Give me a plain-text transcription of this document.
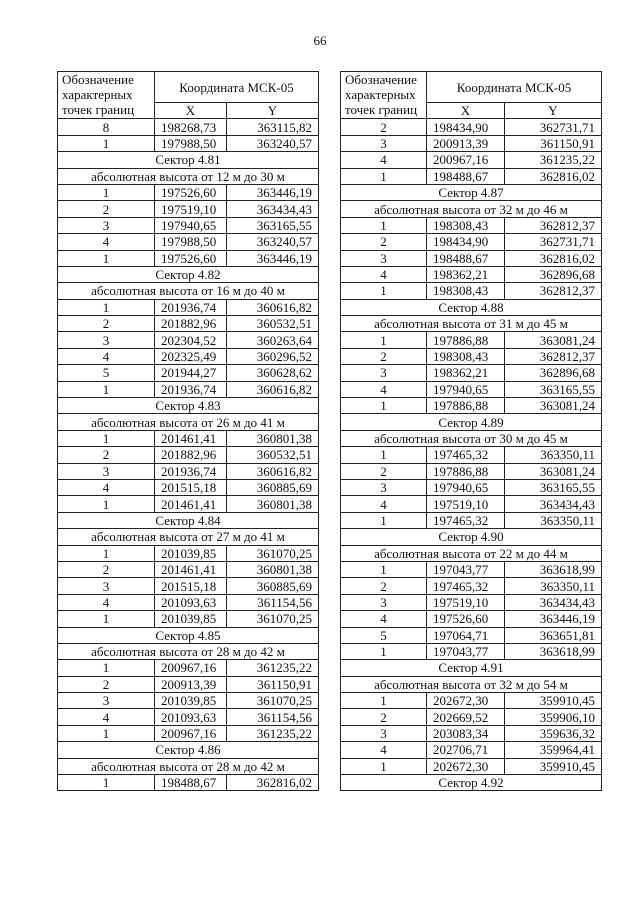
66
Обозначение характерных точек границ	Координата МСК-05	
	X	Y
8	198268,73	363115,82
1	197988,50	363240,57
Сектор 4.81		
абсолютная высота от 12 м до 30 м		
1	197526,60	363446,19
2	197519,10	363434,43
3	197940,65	363165,55
4	197988,50	363240,57
1	197526,60	363446,19
Сектор 4.82		
абсолютная высота от 16 м до 40 м		
1	201936,74	360616,82
2	201882,96	360532,51
3	202304,52	360263,64
4	202325,49	360296,52
5	201944,27	360628,62
1	201936,74	360616,82
Сектор 4.83		
абсолютная высота от 26 м до 41 м		
1	201461,41	360801,38
2	201882,96	360532,51
3	201936,74	360616,82
4	201515,18	360885,69
1	201461,41	360801,38
Сектор 4.84		
абсолютная высота от 27 м до 41 м		
1	201039,85	361070,25
2	201461,41	360801,38
3	201515,18	360885,69
4	201093,63	361154,56
1	201039,85	361070,25
Сектор 4.85		
абсолютная высота от 28 м до 42 м		
1	200967,16	361235,22
2	200913,39	361150,91
3	201039,85	361070,25
4	201093,63	361154,56
1	200967,16	361235,22
Сектор 4.86		
абсолютная высота от 28 м до 42 м		
1	198488,67	362816,02
Обозначение характерных точек границ	Координата МСК-05	
	X	Y
2	198434,90	362731,71
3	200913,39	361150,91
4	200967,16	361235,22
1	198488,67	362816,02
Сектор 4.87		
абсолютная высота от 32 м до 46 м		
1	198308,43	362812,37
2	198434,90	362731,71
3	198488,67	362816,02
4	198362,21	362896,68
1	198308,43	362812,37
Сектор 4.88		
абсолютная высота от 31 м до 45 м		
1	197886,88	363081,24
2	198308,43	362812,37
3	198362,21	362896,68
4	197940,65	363165,55
1	197886,88	363081,24
Сектор 4.89		
абсолютная высота от 30 м до 45 м		
1	197465,32	363350,11
2	197886,88	363081,24
3	197940,65	363165,55
4	197519,10	363434,43
1	197465,32	363350,11
Сектор 4.90		
абсолютная высота от 22 м до 44 м		
1	197043,77	363618,99
2	197465,32	363350,11
3	197519,10	363434,43
4	197526,60	363446,19
5	197064,71	363651,81
1	197043,77	363618,99
Сектор 4.91		
абсолютная высота от 32 м до 54 м		
1	202672,30	359910,45
2	202669,52	359906,10
3	203083,34	359636,32
4	202706,71	359964,41
1	202672,30	359910,45
Сектор 4.92		
